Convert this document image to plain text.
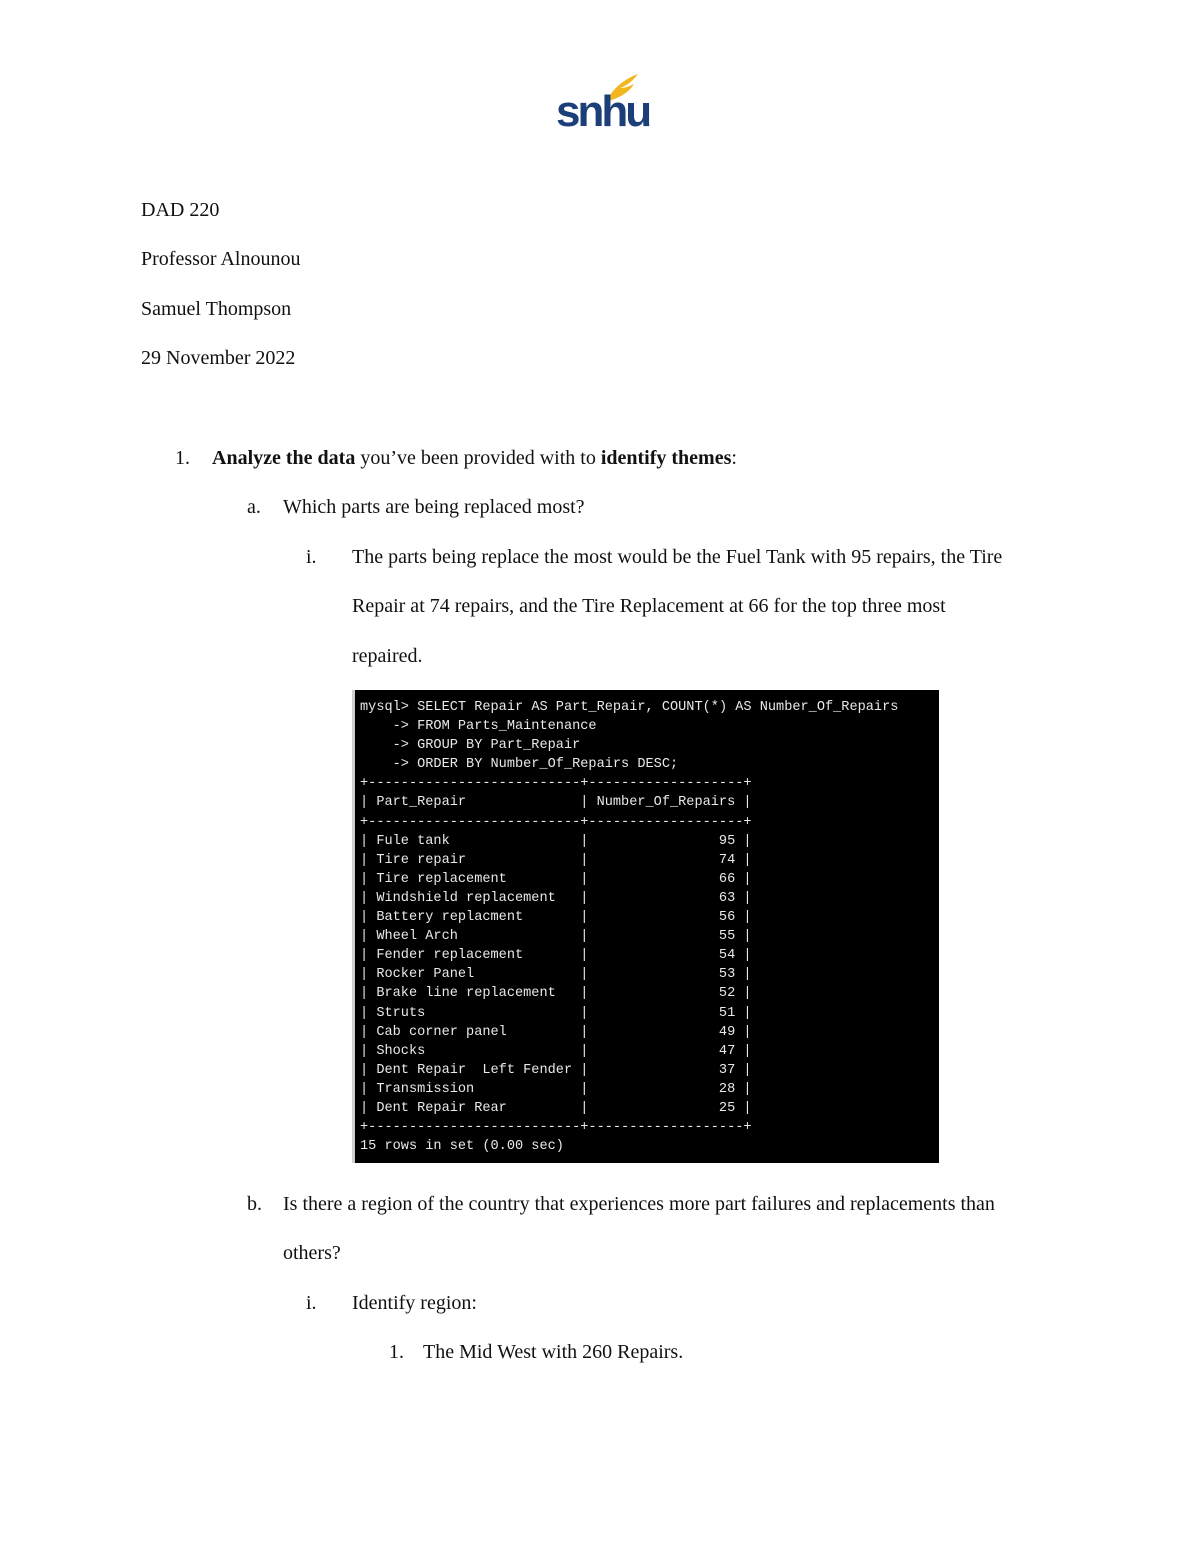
snhu
DAD 220
Professor Alnounou
Samuel Thompson
29 November 2022
1. Analyze the data you’ve been provided with to identify themes:
a. Which parts are being replaced most?
i. The parts being replace the most would be the Fuel Tank with 95 repairs, the Tire
Repair at 74 repairs, and the Tire Replacement at 66 for the top three most
repaired.
mysql> SELECT Repair AS Part_Repair, COUNT(*) AS Number_Of_Repairs
-> FROM Parts_Maintenance
-> GROUP BY Part_Repair
-> ORDER BY Number_Of_Repairs DESC;
+--------------------------+-------------------+
| Part_Repair              | Number_Of_Repairs |
+--------------------------+-------------------+
| Fule tank                |                95 |
| Tire repair              |                74 |
| Tire replacement         |                66 |
| Windshield replacement   |                63 |
| Battery replacment       |                56 |
| Wheel Arch               |                55 |
| Fender replacement       |                54 |
| Rocker Panel             |                53 |
| Brake line replacement   |                52 |
| Struts                   |                51 |
| Cab corner panel         |                49 |
| Shocks                   |                47 |
| Dent Repair  Left Fender |                37 |
| Transmission             |                28 |
| Dent Repair Rear         |                25 |
+--------------------------+-------------------+
15 rows in set (0.00 sec)
b. Is there a region of the country that experiences more part failures and replacements than
others?
i. Identify region:
1. The Mid West with 260 Repairs.
